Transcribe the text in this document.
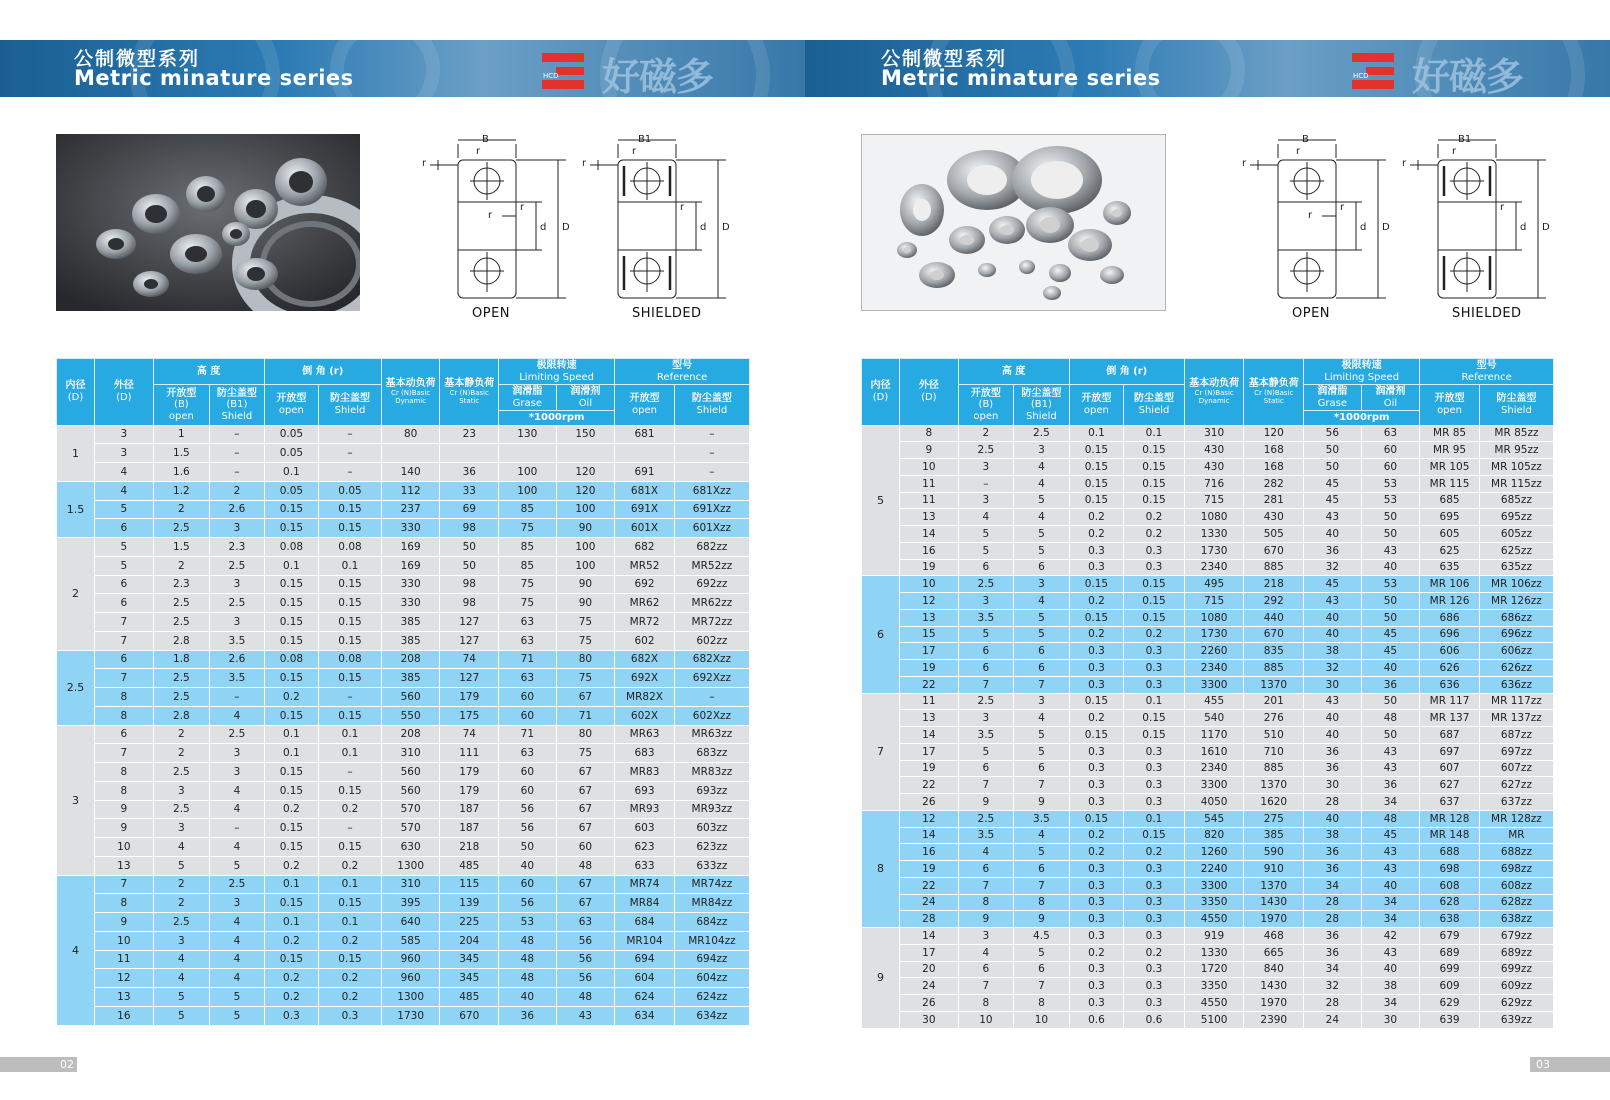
公制微型系列
Metric minature series	HCD 好磁多
B
r
r
d D
r
r
B1
r
r
d D
r
OPEN	SHIELDED
内径
(D)	外径
(D)	高 度		倒 角 (r)		基本动负荷
Cr (N)Basic Dynamic	基本静负荷
Cr (N)Basic Static	极限转速
Limiting Speed		型号
Reference	

		开放型
(B)
open	防尘盖型
(B1)
Shield	开放型
open	防尘盖型
Shield			润滑脂
Grase	润滑剂
Oil	开放型
open	防尘盖型
Shield

								*1000rpm			
1	3	1	–	0.05	–	80	23	130	150	681	–
	3	1.5	–	0.05	–						–
	4	1.6	–	0.1	–	140	36	100	120	691	–
1.5	4	1.2	2	0.05	0.05	112	33	100	120	681X	681Xzz
	5	2	2.6	0.15	0.15	237	69	85	100	691X	691Xzz
	6	2.5	3	0.15	0.15	330	98	75	90	601X	601Xzz
2	5	1.5	2.3	0.08	0.08	169	50	85	100	682	682zz
	5	2	2.5	0.1	0.1	169	50	85	100	MR52	MR52zz
	6	2.3	3	0.15	0.15	330	98	75	90	692	692zz
	6	2.5	2.5	0.15	0.15	330	98	75	90	MR62	MR62zz
	7	2.5	3	0.15	0.15	385	127	63	75	MR72	MR72zz
	7	2.8	3.5	0.15	0.15	385	127	63	75	602	602zz
2.5	6	1.8	2.6	0.08	0.08	208	74	71	80	682X	682Xzz
	7	2.5	3.5	0.15	0.15	385	127	63	75	692X	692Xzz
	8	2.5	–	0.2	–	560	179	60	67	MR82X	–
	8	2.8	4	0.15	0.15	550	175	60	71	602X	602Xzz
3	6	2	2.5	0.1	0.1	208	74	71	80	MR63	MR63zz
	7	2	3	0.1	0.1	310	111	63	75	683	683zz
	8	2.5	3	0.15	–	560	179	60	67	MR83	MR83zz
	8	3	4	0.15	0.15	560	179	60	67	693	693zz
	9	2.5	4	0.2	0.2	570	187	56	67	MR93	MR93zz
	9	3	–	0.15	–	570	187	56	67	603	603zz
	10	4	4	0.15	0.15	630	218	50	60	623	623zz
	13	5	5	0.2	0.2	1300	485	40	48	633	633zz
4	7	2	2.5	0.1	0.1	310	115	60	67	MR74	MR74zz
	8	2	3	0.15	0.15	395	139	56	67	MR84	MR84zz
	9	2.5	4	0.1	0.1	640	225	53	63	684	684zz
	10	3	4	0.2	0.2	585	204	48	56	MR104	MR104zz
	11	4	4	0.15	0.15	960	345	48	56	694	694zz
	12	4	4	0.2	0.2	960	345	48	56	604	604zz
	13	5	5	0.2	0.2	1300	485	40	48	624	624zz
	16	5	5	0.3	0.3	1730	670	36	43	634	634zz
02
公制微型系列
Metric minature series	HCD 好磁多
B
r
r
d D
r
r
B1
r
r
d D
r
OPEN	SHIELDED
内径
(D)	外径
(D)	高 度		倒 角 (r)		基本动负荷
Cr (N)Basic Dynamic	基本静负荷
Cr (N)Basic Static	极限转速
Limiting Speed		型号
Reference	

		开放型
(B)
open	防尘盖型
(B1)
Shield	开放型
open	防尘盖型
Shield			润滑脂
Grase	润滑剂
Oil	开放型
open	防尘盖型
Shield

								*1000rpm			
5	8	2	2.5	0.1	0.1	310	120	56	63	MR 85	MR 85zz
	9	2.5	3	0.15	0.15	430	168	50	60	MR 95	MR 95zz
	10	3	4	0.15	0.15	430	168	50	60	MR 105	MR 105zz
	11	–	4	0.15	0.15	716	282	45	53	MR 115	MR 115zz
	11	3	5	0.15	0.15	715	281	45	53	685	685zz
	13	4	4	0.2	0.2	1080	430	43	50	695	695zz
	14	5	5	0.2	0.2	1330	505	40	50	605	605zz
	16	5	5	0.3	0.3	1730	670	36	43	625	625zz
	19	6	6	0.3	0.3	2340	885	32	40	635	635zz
6	10	2.5	3	0.15	0.15	495	218	45	53	MR 106	MR 106zz
	12	3	4	0.2	0.15	715	292	43	50	MR 126	MR 126zz
	13	3.5	5	0.15	0.15	1080	440	40	50	686	686zz
	15	5	5	0.2	0.2	1730	670	40	45	696	696zz
	17	6	6	0.3	0.3	2260	835	38	45	606	606zz
	19	6	6	0.3	0.3	2340	885	32	40	626	626zz
	22	7	7	0.3	0.3	3300	1370	30	36	636	636zz
7	11	2.5	3	0.15	0.1	455	201	43	50	MR 117	MR 117zz
	13	3	4	0.2	0.15	540	276	40	48	MR 137	MR 137zz
	14	3.5	5	0.15	0.15	1170	510	40	50	687	687zz
	17	5	5	0.3	0.3	1610	710	36	43	697	697zz
	19	6	6	0.3	0.3	2340	885	36	43	607	607zz
	22	7	7	0.3	0.3	3300	1370	30	36	627	627zz
	26	9	9	0.3	0.3	4050	1620	28	34	637	637zz
8	12	2.5	3.5	0.15	0.1	545	275	40	48	MR 128	MR 128zz
	14	3.5	4	0.2	0.15	820	385	38	45	MR 148	MR
	16	4	5	0.2	0.2	1260	590	36	43	688	688zz
	19	6	6	0.3	0.3	2240	910	36	43	698	698zz
	22	7	7	0.3	0.3	3300	1370	34	40	608	608zz
	24	8	8	0.3	0.3	3350	1430	28	34	628	628zz
	28	9	9	0.3	0.3	4550	1970	28	34	638	638zz
9	14	3	4.5	0.3	0.3	919	468	36	42	679	679zz
	17	4	5	0.2	0.2	1330	665	36	43	689	689zz
	20	6	6	0.3	0.3	1720	840	34	40	699	699zz
	24	7	7	0.3	0.3	3350	1430	32	38	609	609zz
	26	8	8	0.3	0.3	4550	1970	28	34	629	629zz
	30	10	10	0.6	0.6	5100	2390	24	30	639	639zz
03
